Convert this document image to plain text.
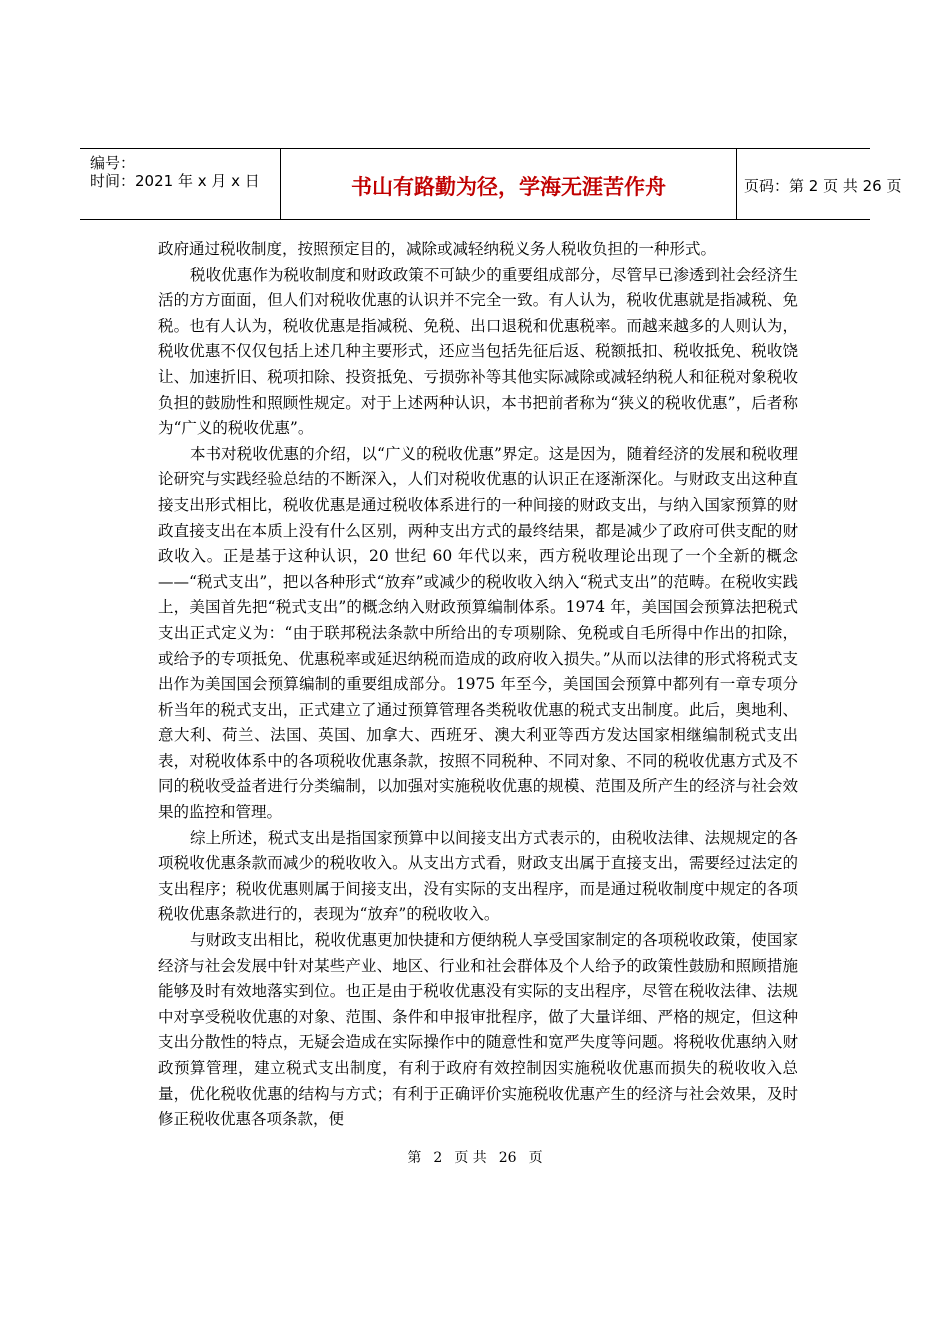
编号：
时间：2021 年 x 月 x 日	书山有路勤为径，学海无涯苦作舟	页码：第 2 页 共 26 页

政府通过税收制度，按照预定目的，减除或减轻纳税义务人税收负担的一种形式。

税收优惠作为税收制度和财政政策不可缺少的重要组成部分，尽管早已渗透到社会经济生活的方方面面，但人们对税收优惠的认识并不完全一致。有人认为，税收优惠就是指减税、免税。也有人认为，税收优惠是指减税、免税、出口退税和优惠税率。而越来越多的人则认为，税收优惠不仅仅包括上述几种主要形式，还应当包括先征后返、税额抵扣、税收抵免、税收饶让、加速折旧、税项扣除、投资抵免、亏损弥补等其他实际减除或减轻纳税人和征税对象税收负担的鼓励性和照顾性规定。对于上述两种认识，本书把前者称为“狭义的税收优惠”，后者称为“广义的税收优惠”。

本书对税收优惠的介绍，以“广义的税收优惠”界定。这是因为，随着经济的发展和税收理论研究与实践经验总结的不断深入，人们对税收优惠的认识正在逐渐深化。与财政支出这种直接支出形式相比，税收优惠是通过税收体系进行的一种间接的财政支出，与纳入国家预算的财政直接支出在本质上没有什么区别，两种支出方式的最终结果，都是减少了政府可供支配的财政收入。正是基于这种认识，20 世纪 60 年代以来，西方税收理论出现了一个全新的概念——“税式支出”，把以各种形式“放弃”或减少的税收收入纳入“税式支出”的范畴。在税收实践上，美国首先把“税式支出”的概念纳入财政预算编制体系。1974 年，美国国会预算法把税式支出正式定义为：“由于联邦税法条款中所给出的专项剔除、免税或自毛所得中作出的扣除，或给予的专项抵免、优惠税率或延迟纳税而造成的政府收入损失。”从而以法律的形式将税式支出作为美国国会预算编制的重要组成部分。1975 年至今，美国国会预算中都列有一章专项分析当年的税式支出，正式建立了通过预算管理各类税收优惠的税式支出制度。此后，奥地利、意大利、荷兰、法国、英国、加拿大、西班牙、澳大利亚等西方发达国家相继编制税式支出表，对税收体系中的各项税收优惠条款，按照不同税种、不同对象、不同的税收优惠方式及不同的税收受益者进行分类编制，以加强对实施税收优惠的规模、范围及所产生的经济与社会效果的监控和管理。

综上所述，税式支出是指国家预算中以间接支出方式表示的，由税收法律、法规规定的各项税收优惠条款而减少的税收收入。从支出方式看，财政支出属于直接支出，需要经过法定的支出程序；税收优惠则属于间接支出，没有实际的支出程序，而是通过税收制度中规定的各项税收优惠条款进行的，表现为“放弃”的税收收入。

与财政支出相比，税收优惠更加快捷和方便纳税人享受国家制定的各项税收政策，使国家经济与社会发展中针对某些产业、地区、行业和社会群体及个人给予的政策性鼓励和照顾措施能够及时有效地落实到位。也正是由于税收优惠没有实际的支出程序，尽管在税收法律、法规中对享受税收优惠的对象、范围、条件和申报审批程序，做了大量详细、严格的规定，但这种支出分散性的特点，无疑会造成在实际操作中的随意性和宽严失度等问题。将税收优惠纳入财政预算管理，建立税式支出制度，有利于政府有效控制因实施税收优惠而损失的税收收入总量，优化税收优惠的结构与方式；有利于正确评价实施税收优惠产生的经济与社会效果，及时修正税收优惠各项条款，便

第 2 页 共 26 页
